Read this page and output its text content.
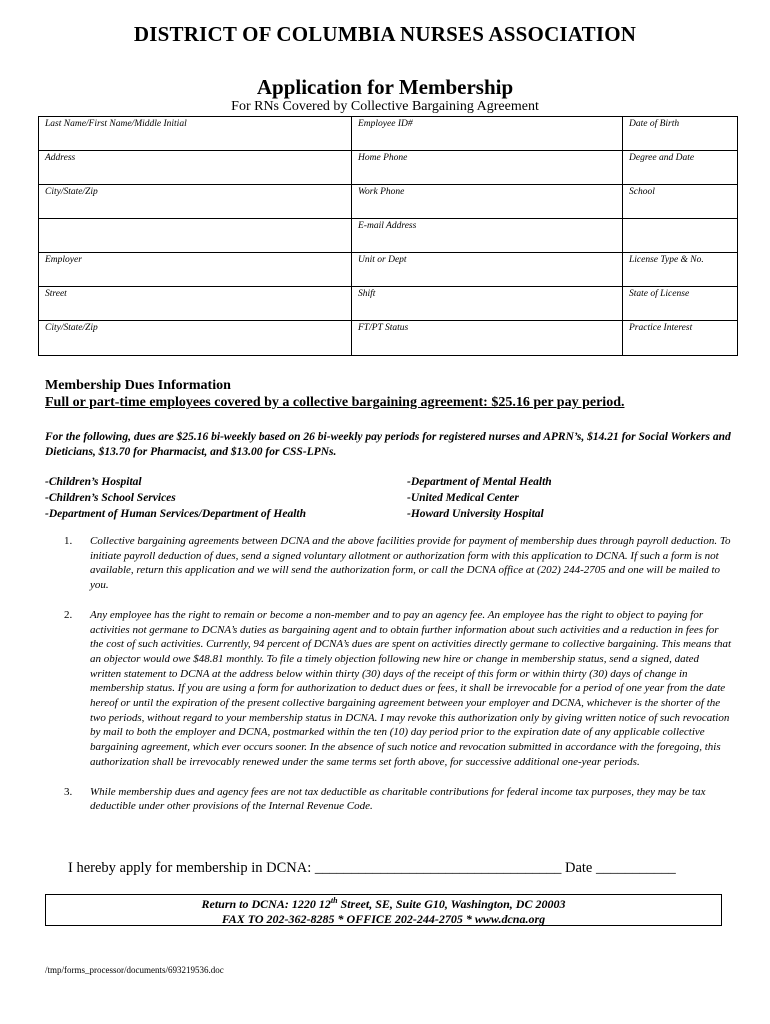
DISTRICT OF COLUMBIA NURSES ASSOCIATION
Application for Membership
For RNs Covered by Collective Bargaining Agreement
Last Name/First Name/Middle Initial	Employee ID#	Date of Birth
Address	Home Phone	Degree and Date
City/State/Zip	Work Phone	School
	E-mail Address	
Employer	Unit or Dept	License Type & No.
Street	Shift	State of License
City/State/Zip	FT/PT Status	Practice Interest
Membership Dues Information
Full or part-time employees covered by a collective bargaining agreement: $25.16 per pay period.
For the following, dues are $25.16 bi-weekly based on 26 bi-weekly pay periods for registered nurses and APRN’s, $14.21 for Social Workers and Dieticians, $13.70 for Pharmacist, and $13.00 for CSS-LPNs.
-Children’s Hospital
-Children’s School Services
-Department of Human Services/Department of Health
-Department of Mental Health
-United Medical Center
-Howard University Hospital
1. Collective bargaining agreements between DCNA and the above facilities provide for payment of membership dues through payroll deduction. To initiate payroll deduction of dues, send a signed voluntary allotment or authorization form with this application to DCNA. If such a form is not available, return this application and we will send the authorization form, or call the DCNA office at (202) 244-2705 and one will be mailed to you.
2. Any employee has the right to remain or become a non-member and to pay an agency fee. An employee has the right to object to paying for activities not germane to DCNA’s duties as bargaining agent and to obtain further information about such activities and a reduction in fees for the cost of such activities. Currently, 94 percent of DCNA’s dues are spent on activities directly germane to collective bargaining. This means that an objector would owe $48.81 monthly. To file a timely objection following new hire or change in membership status, send a signed, dated written statement to DCNA at the address below within thirty (30) days of the receipt of this form or within thirty (30) days of change in membership status. If you are using a form for authorization to deduct dues or fees, it shall be irrevocable for a period of one year from the date hereof or until the expiration of the present collective bargaining agreement between your employer and DCNA, whichever is the shorter of the two periods, without regard to your membership status in DCNA. I may revoke this authorization only by giving written notice of such revocation by mail to both the employer and DCNA, postmarked within the ten (10) day period prior to the expiration date of any applicable collective bargaining agreement, which ever occurs sooner. In the absence of such notice and revocation submitted in accordance with the foregoing, this authorization shall be irrevocably renewed under the same terms set forth above, for successive additional one-year periods.
3. While membership dues and agency fees are not tax deductible as charitable contributions for federal income tax purposes, they may be tax deductible under other provisions of the Internal Revenue Code.
I hereby apply for membership in DCNA: __________________________________ Date ___________
Return to DCNA: 1220 12th Street, SE, Suite G10, Washington, DC 20003
FAX TO 202-362-8285 * OFFICE 202-244-2705 * www.dcna.org
/tmp/forms_processor/documents/693219536.doc
